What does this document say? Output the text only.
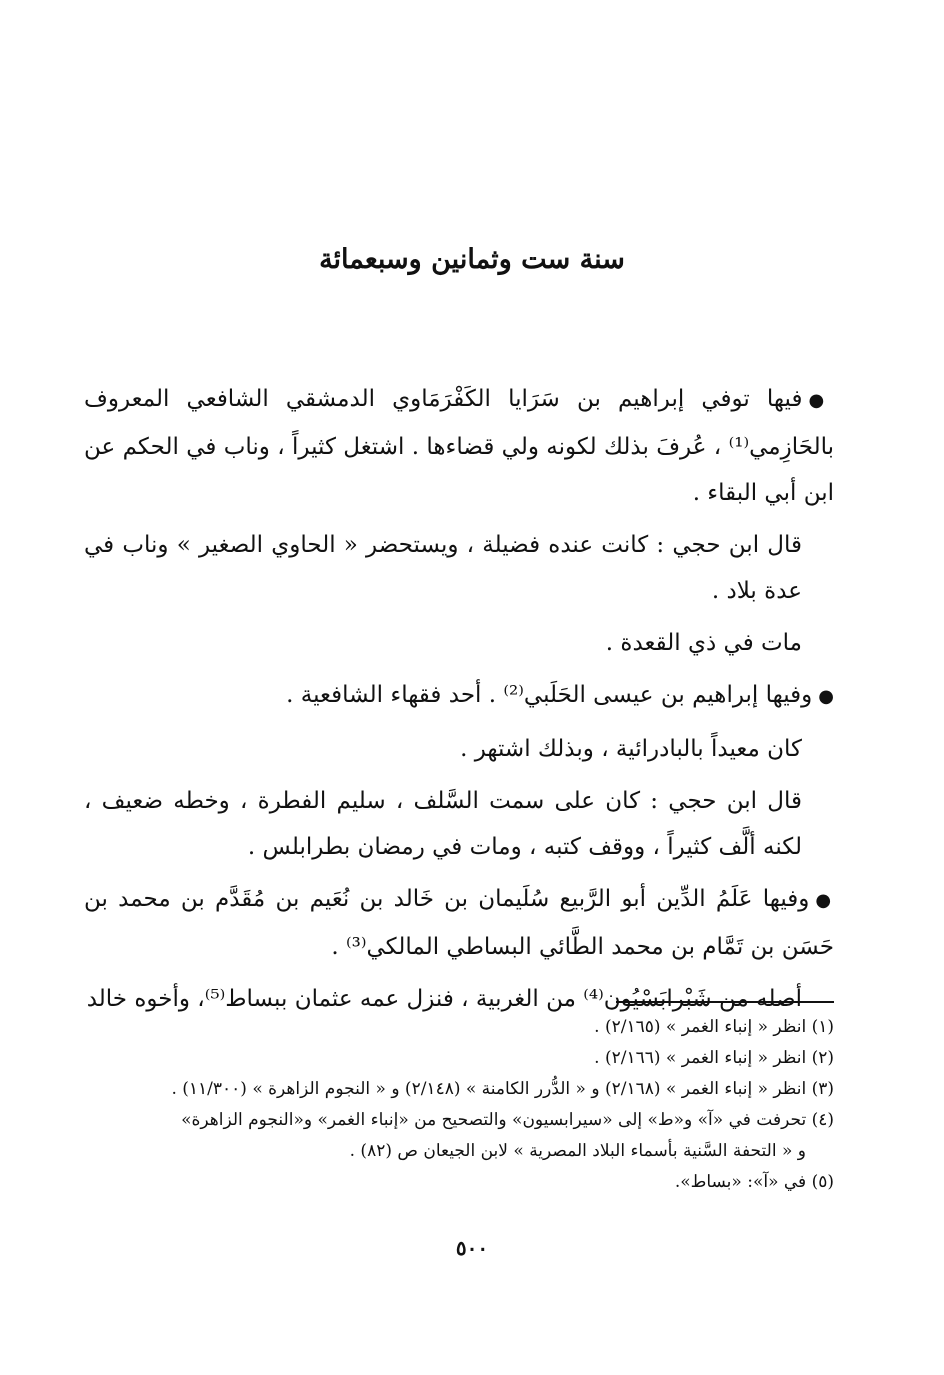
سنة ست وثمانين وسبعمائة

●فيها توفي إبراهيم بن سَرَايا الكَفْرَمَاوي الدمشقي الشافعي المعروف بالحَازِمي⁽¹⁾ ، عُرفَ بذلك لكونه ولي قضاءها . اشتغل كثيراً ، وناب في الحكم عن ابن أبي البقاء .

قال ابن حجي : كانت عنده فضيلة ، ويستحضر « الحاوي الصغير » وناب في عدة بلاد .

مات في ذي القعدة .

●وفيها إبراهيم بن عيسى الحَلَبي⁽²⁾ . أحد فقهاء الشافعية .

كان معيداً بالبادرائية ، وبذلك اشتهر .

قال ابن حجي : كان على سمت السَّلف ، سليم الفطرة ، وخطه ضعيف ، لكنه ألَّف كثيراً ، ووقف كتبه ، ومات في رمضان بطرابلس .

●وفيها عَلَمُ الدِّين أبو الرَّبيع سُلَيمان بن خَالد بن نُعَيم بن مُقَدَّم بن محمد بن حَسَن بن تَمَّام بن محمد الطَّائي البساطي المالكي⁽³⁾ .

أصله من شَبْرابَسْيُون⁽⁴⁾ من الغربية ، فنزل عمه عثمان ببساط⁽⁵⁾، وأخوه خالد

(١) انظر « إنباء الغمر » (٢/١٦٥) .

(٢) انظر « إنباء الغمر » (٢/١٦٦) .

(٣) انظر « إنباء الغمر » (٢/١٦٨) و « الدُّرر الكامنة » (٢/١٤٨) و « النجوم الزاهرة » (١١/٣٠٠) .

(٤) تحرفت في «آ» و«ط» إلى «سيرابسيون» والتصحيح من «إنباء الغمر» و«النجوم الزاهرة»

و « التحفة السَّنية بأسماء البلاد المصرية » لابن الجيعان ص (٨٢) .

(٥) في «آ»: «بساط».

٥٠٠
